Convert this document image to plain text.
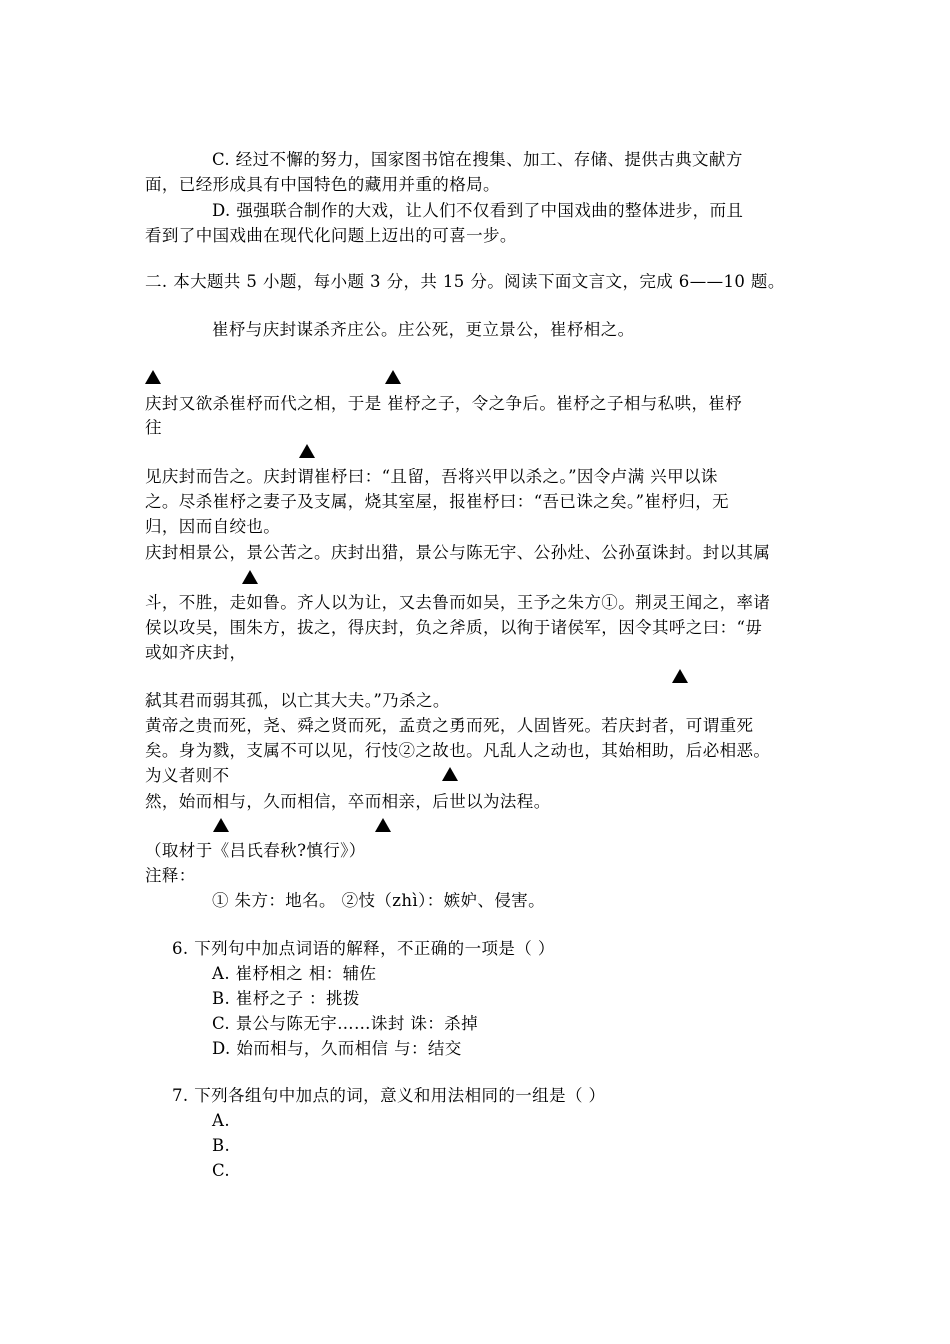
C. 经过不懈的努力，国家图书馆在搜集、加工、存储、提供古典文献方
面，已经形成具有中国特色的藏用并重的格局。
D. 强强联合制作的大戏，让人们不仅看到了中国戏曲的整体进步，而且
看到了中国戏曲在现代化问题上迈出的可喜一步。
二. 本大题共 5 小题，每小题 3 分，共 15 分。阅读下面文言文，完成 6——10 题。
崔杼与庆封谋杀齐庄公。庄公死，更立景公，崔杼相之。
庆封又欲杀崔杼而代之相，于是 崔杼之子，令之争后。崔杼之子相与私哄，崔杼
往
见庆封而告之。庆封谓崔杼曰：“且留，吾将兴甲以杀之。”因令卢满 兴甲以诛
之。尽杀崔杼之妻子及支属，烧其室屋，报崔杼曰：“吾已诛之矣。”崔杼归，无
归，因而自绞也。
庆封相景公，景公苦之。庆封出猎，景公与陈无宇、公孙灶、公孙虿诛封。封以其属
斗，不胜，走如鲁。齐人以为让，又去鲁而如吴，王予之朱方①。荆灵王闻之，率诸
侯以攻吴，围朱方，拔之，得庆封，负之斧质，以徇于诸侯军，因令其呼之曰：“毋
或如齐庆封，
弑其君而弱其孤，以亡其大夫。”乃杀之。
黄帝之贵而死，尧、舜之贤而死，孟贲之勇而死，人固皆死。若庆封者，可谓重死
矣。身为戮，支属不可以见，行忮②之故也。凡乱人之动也，其始相助，后必相恶。
为义者则不
然，始而相与，久而相信，卒而相亲，后世以为法程。
（取材于《吕氏春秋?慎行》）
注释：
① 朱方：地名。 ②忮（zhì）：嫉妒、侵害。
6. 下列句中加点词语的解释，不正确的一项是（ ）
A. 崔杼相之 相：辅佐
B. 崔杼之子 ：挑拨
C. 景公与陈无宇……诛封 诛：杀掉
D. 始而相与，久而相信 与：结交
7. 下列各组句中加点的词，意义和用法相同的一组是（ ）
A.
B.
C.
